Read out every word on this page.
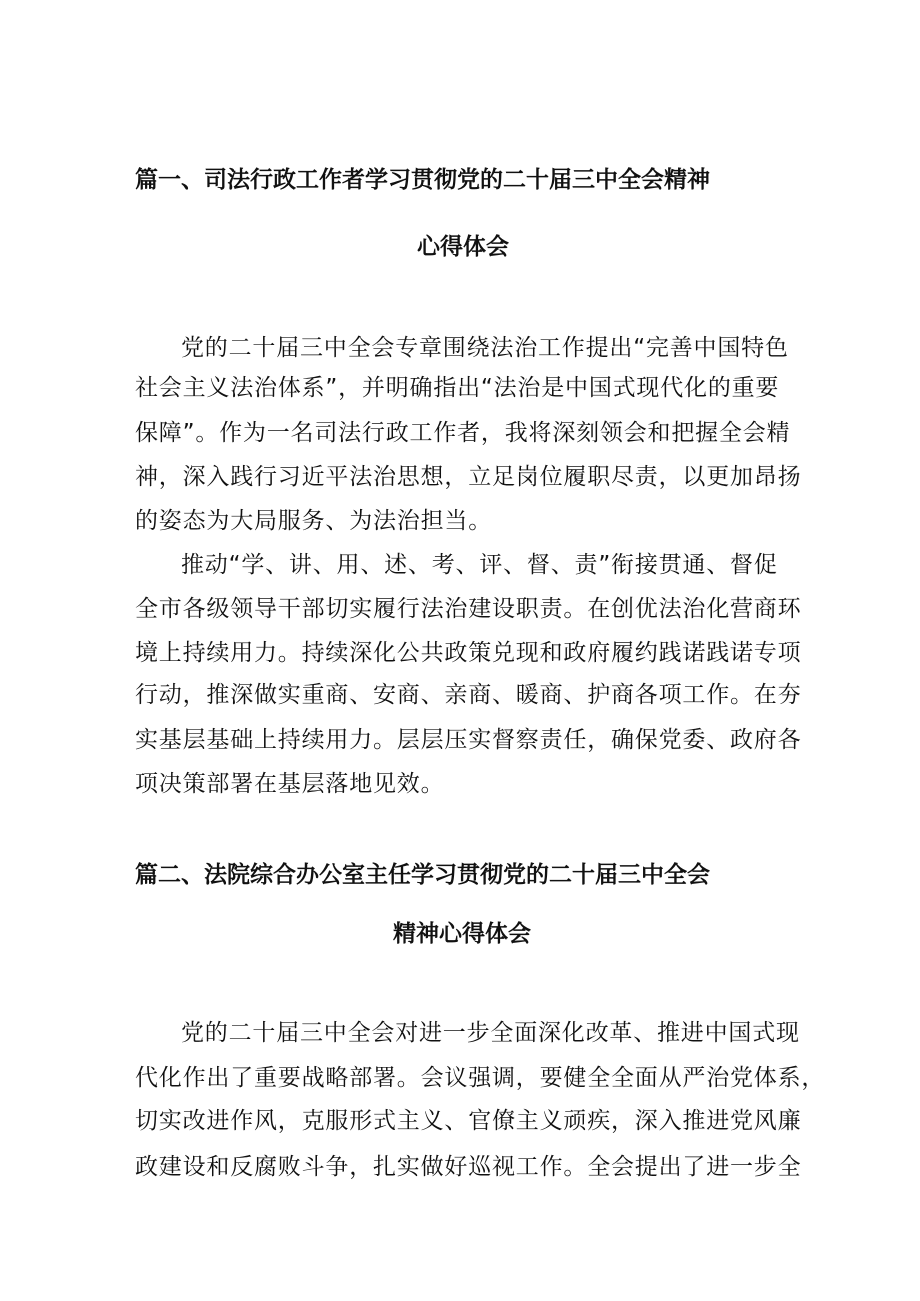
篇一、司法行政工作者学习贯彻党的二十届三中全会精神
心得体会
党的二十届三中全会专章围绕法治工作提出“完善中国特色
社会主义法治体系”，并明确指出“法治是中国式现代化的重要
保障”。作为一名司法行政工作者，我将深刻领会和把握全会精
神，深入践行习近平法治思想，立足岗位履职尽责，以更加昂扬
的姿态为大局服务、为法治担当。
推动“学、讲、用、述、考、评、督、责”衔接贯通、督促
全市各级领导干部切实履行法治建设职责。在创优法治化营商环
境上持续用力。持续深化公共政策兑现和政府履约践诺践诺专项
行动，推深做实重商、安商、亲商、暖商、护商各项工作。在夯
实基层基础上持续用力。层层压实督察责任，确保党委、政府各
项决策部署在基层落地见效。
篇二、法院综合办公室主任学习贯彻党的二十届三中全会
精神心得体会
党的二十届三中全会对进一步全面深化改革、推进中国式现
代化作出了重要战略部署。会议强调，要健全全面从严治党体系，
切实改进作风，克服形式主义、官僚主义顽疾，深入推进党风廉
政建设和反腐败斗争，扎实做好巡视工作。全会提出了进一步全
